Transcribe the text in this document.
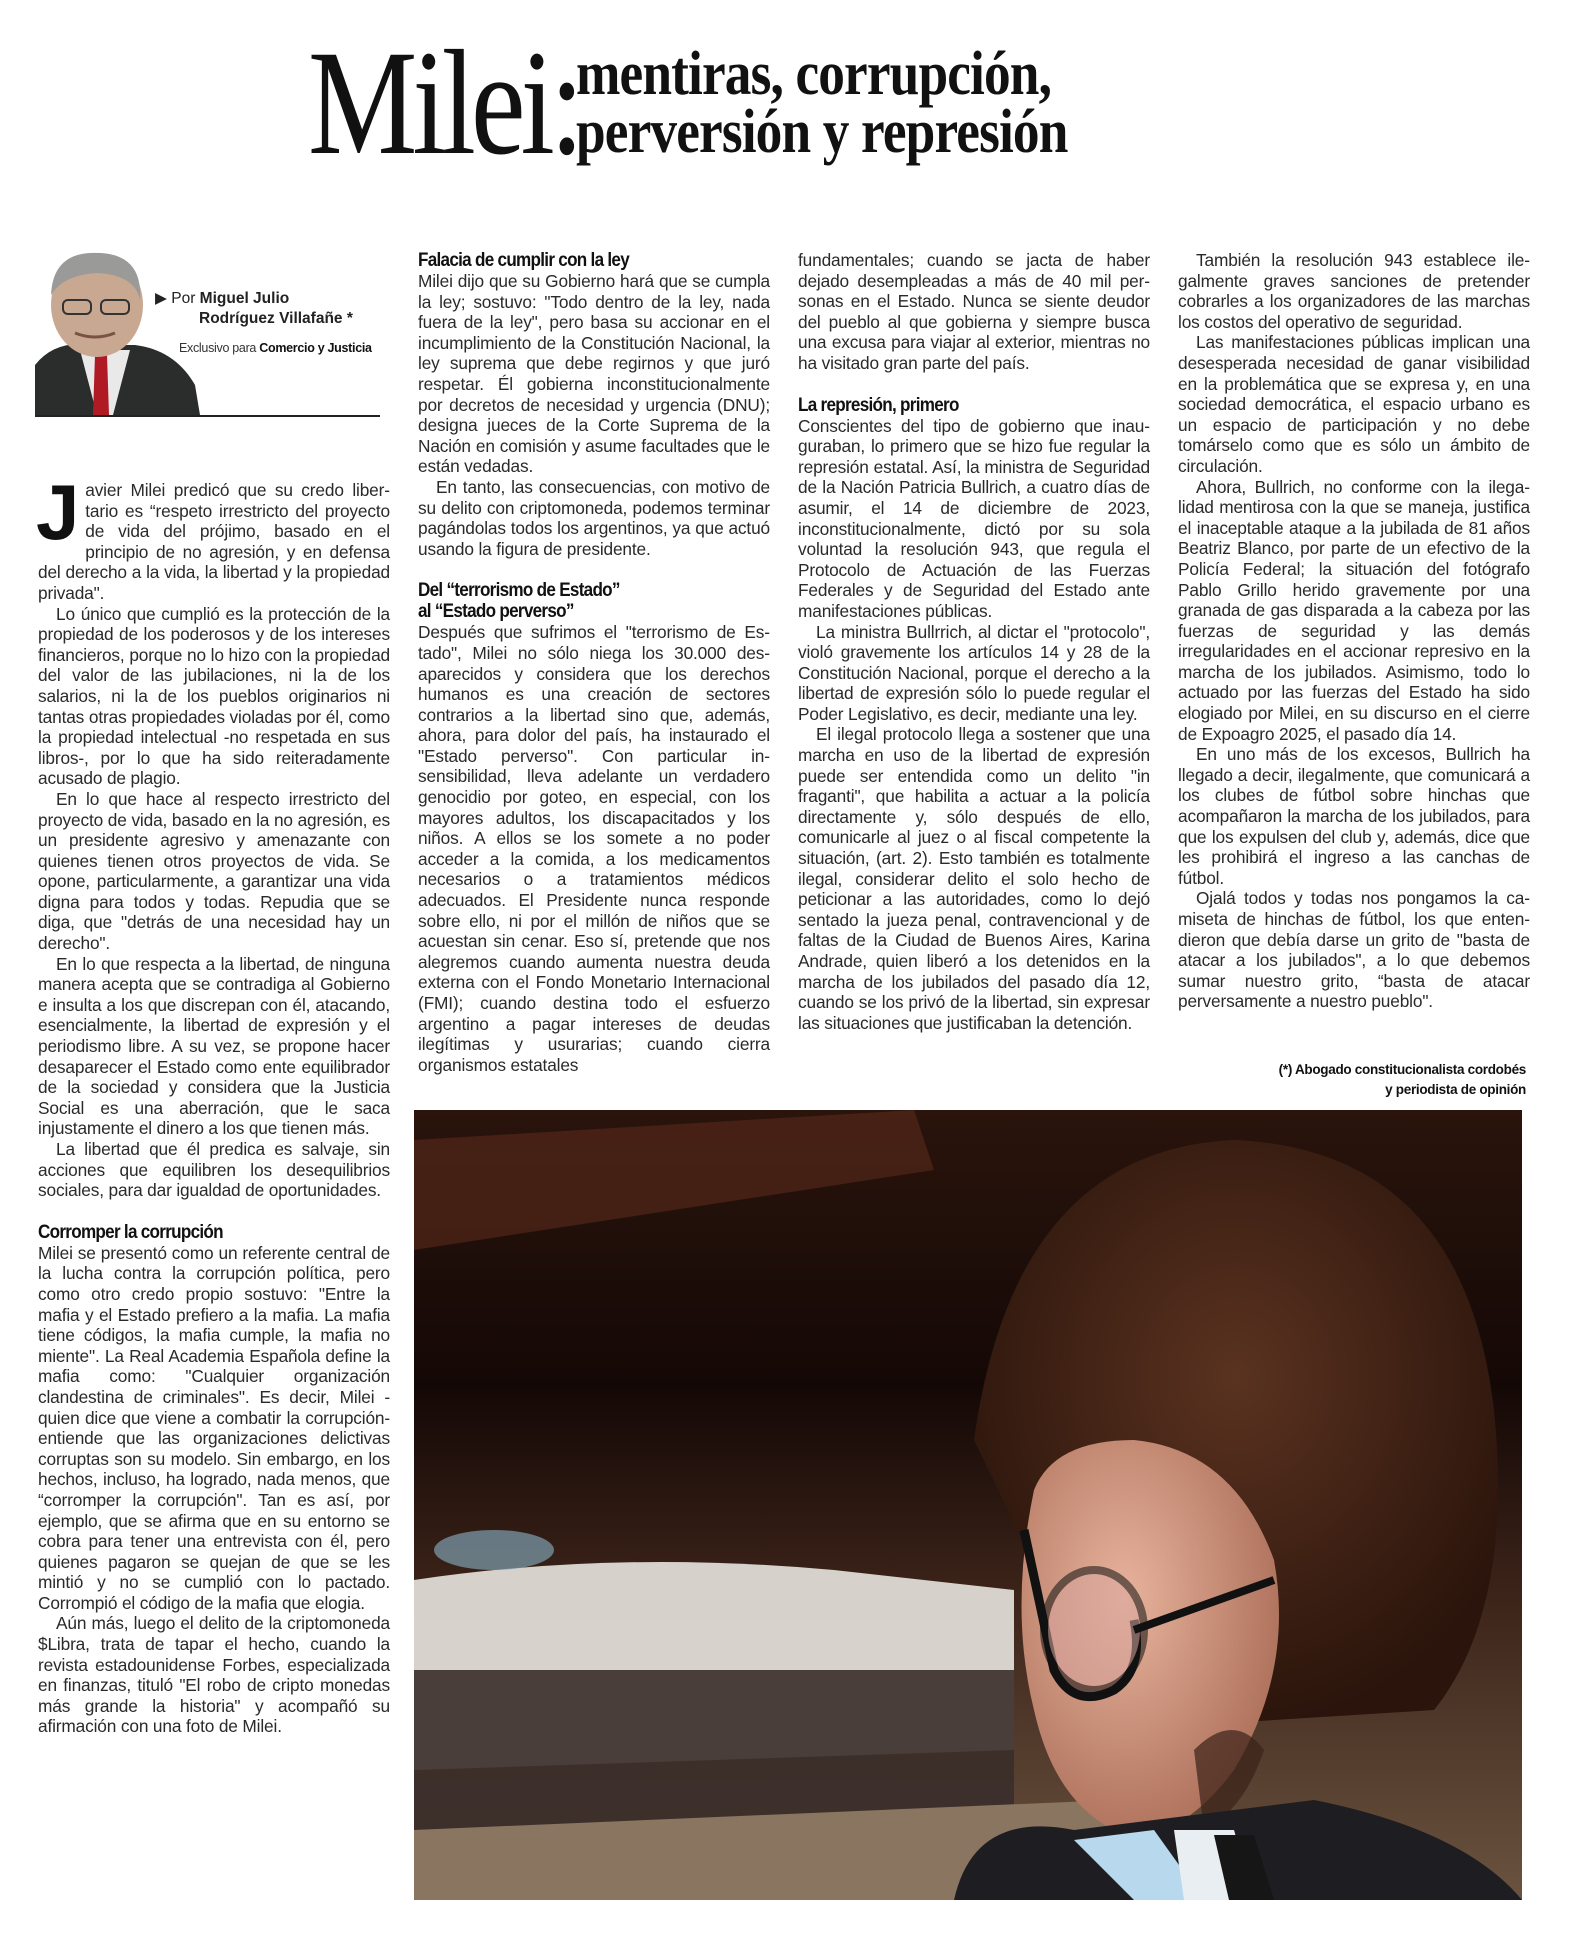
Milei:
mentiras, corrupción,
perversión y represión
▶ Por Miguel Julio
Rodríguez Villafañe *
Exclusivo para Comercio y Justicia

Javier Milei predicó que su credo libertario es “respeto irrestricto del proyecto de vida del prójimo, basado en el principio de no agresión, y en defensa del derecho a la vida, la libertad y la propiedad privada".

Lo único que cumplió es la protección de la propiedad de los poderosos y de los intereses financieros, porque no lo hizo con la propiedad del valor de las jubilaciones, ni la de los salarios, ni la de los pueblos originarios ni tantas otras propiedades violadas por él, como la propiedad intelectual -no respetada en sus libros-, por lo que ha sido reiteradamente acusado de plagio.

En lo que hace al respecto irrestricto del proyecto de vida, basado en la no agresión, es un presidente agresivo y amenazante con quienes tienen otros proyectos de vida. Se opone, particularmente, a garantizar una vida digna para todos y todas. Repudia que se diga, que "detrás de una necesidad hay un derecho".

En lo que respecta a la libertad, de ninguna manera acepta que se contradiga al Gobierno e insulta a los que discrepan con él, atacando, esencialmente, la libertad de expresión y el periodismo libre. A su vez, se propone hacer desaparecer el Estado como ente equilibrador de la sociedad y considera que la Justicia Social es una aberración, que le saca injustamente el dinero a los que tienen más.

La libertad que él predica es salvaje, sin acciones que equilibren los desequilibrios sociales, para dar igualdad de oportunidades.

Corromper la corrupción

Milei se presentó como un referente central de la lucha contra la corrupción política, pero como otro credo propio sostuvo: "Entre la mafia y el Estado prefiero a la mafia. La mafia tiene códigos, la mafia cumple, la mafia no miente". La Real Academia Española define la mafia como: "Cualquier organización clandestina de criminales". Es decir, Milei -quien dice que viene a combatir la corrupción- entiende que las organizaciones delictivas corruptas son su modelo. Sin embargo, en los hechos, incluso, ha logrado, nada menos, que “corromper la corrupción". Tan es así, por ejemplo, que se afirma que en su entorno se cobra para tener una entrevista con él, pero quienes pagaron se quejan de que se les mintió y no se cumplió con lo pactado. Corrompió el código de la mafia que elogia.

Aún más, luego el delito de la criptomoneda $Libra, trata de tapar el hecho, cuando la revista estadounidense Forbes, especializada en finanzas, tituló "El robo de cripto monedas más grande la historia" y acompañó su afirmación con una foto de Milei.

Falacia de cumplir con la ley

Milei dijo que su Gobierno hará que se cumpla la ley; sostuvo: "Todo dentro de la ley, nada fuera de la ley", pero basa su accionar en el incumplimiento de la Constitución Nacional, la ley suprema que debe regirnos y que juró respetar. Él gobierna inconstitucionalmente por decretos de necesidad y urgencia (DNU); designa jueces de la Corte Suprema de la Nación en comisión y asume facultades que le están vedadas.

En tanto, las consecuencias, con motivo de su delito con criptomoneda, podemos terminar pagándolas todos los argentinos, ya que actuó usando la figura de presidente.

Del “terrorismo de Estado”
al “Estado perverso”

Después que sufrimos el "terrorismo de Estado", Milei no sólo niega los 30.000 desaparecidos y considera que los derechos humanos es una creación de sectores contrarios a la libertad sino que, además, ahora, para dolor del país, ha instaurado el "Estado perverso". Con particular insensibilidad, lleva adelante un verdadero genocidio por goteo, en especial, con los mayores adultos, los discapacitados y los niños. A ellos se los somete a no poder acceder a la comida, a los medicamentos necesarios o a tratamientos médicos adecuados. El Presidente nunca responde sobre ello, ni por el millón de niños que se acuestan sin cenar. Eso sí, pretende que nos alegremos cuando aumenta nuestra deuda externa con el Fondo Monetario Internacional (FMI); cuando destina todo el esfuerzo argentino a pagar intereses de deudas ilegítimas y usurarias; cuando cierra organismos estatales

fundamentales; cuando se jacta de haber dejado desempleadas a más de 40 mil personas en el Estado. Nunca se siente deudor del pueblo al que gobierna y siempre busca una excusa para viajar al exterior, mientras no ha visitado gran parte del país.

La represión, primero

Conscientes del tipo de gobierno que inauguraban, lo primero que se hizo fue regular la represión estatal. Así, la ministra de Seguridad de la Nación Patricia Bullrich, a cuatro días de asumir, el 14 de diciembre de 2023, inconstitucionalmente, dictó por su sola voluntad la resolución 943, que regula el Protocolo de Actuación de las Fuerzas Federales y de Seguridad del Estado ante manifestaciones públicas.

La ministra Bullrrich, al dictar el "protocolo", violó gravemente los artículos 14 y 28 de la Constitución Nacional, porque el derecho a la libertad de expresión sólo lo puede regular el Poder Legislativo, es decir, mediante una ley.

El ilegal protocolo llega a sostener que una marcha en uso de la libertad de expresión puede ser entendida como un delito "in fraganti", que habilita a actuar a la policía directamente y, sólo después de ello, comunicarle al juez o al fiscal competente la situación, (art. 2). Esto también es totalmente ilegal, considerar delito el solo hecho de peticionar a las autoridades, como lo dejó sentado la jueza penal, contravencional y de faltas de la Ciudad de Buenos Aires, Karina Andrade, quien liberó a los detenidos en la marcha de los jubilados del pasado día 12, cuando se los privó de la libertad, sin expresar las situaciones que justificaban la detención.

También la resolución 943 establece ilegalmente graves sanciones de pretender cobrarles a los organizadores de las marchas los costos del operativo de seguridad.

Las manifestaciones públicas implican una desesperada necesidad de ganar visibilidad en la problemática que se expresa y, en una sociedad democrática, el espacio urbano es un espacio de participación y no debe tomárselo como que es sólo un ámbito de circulación.

Ahora, Bullrich, no conforme con la ilegalidad mentirosa con la que se maneja, justifica el inaceptable ataque a la jubilada de 81 años Beatriz Blanco, por parte de un efectivo de la Policía Federal; la situación del fotógrafo Pablo Grillo herido gravemente por una granada de gas disparada a la cabeza por las fuerzas de seguridad y las demás irregularidades en el accionar represivo en la marcha de los jubilados. Asimismo, todo lo actuado por las fuerzas del Estado ha sido elogiado por Milei, en su discurso en el cierre de Expoagro 2025, el pasado día 14.

En uno más de los excesos, Bullrich ha llegado a decir, ilegalmente, que comunicará a los clubes de fútbol sobre hinchas que acompañaron la marcha de los jubilados, para que los expulsen del club y, además, dice que les prohibirá el ingreso a las canchas de fútbol.

Ojalá todos y todas nos pongamos la camiseta de hinchas de fútbol, los que entendieron que debía darse un grito de "basta de atacar a los jubilados", a lo que debemos sumar nuestro grito, “basta de atacar perversamente a nuestro pueblo".

(*) Abogado constitucionalista cordobés
y periodista de opinión
